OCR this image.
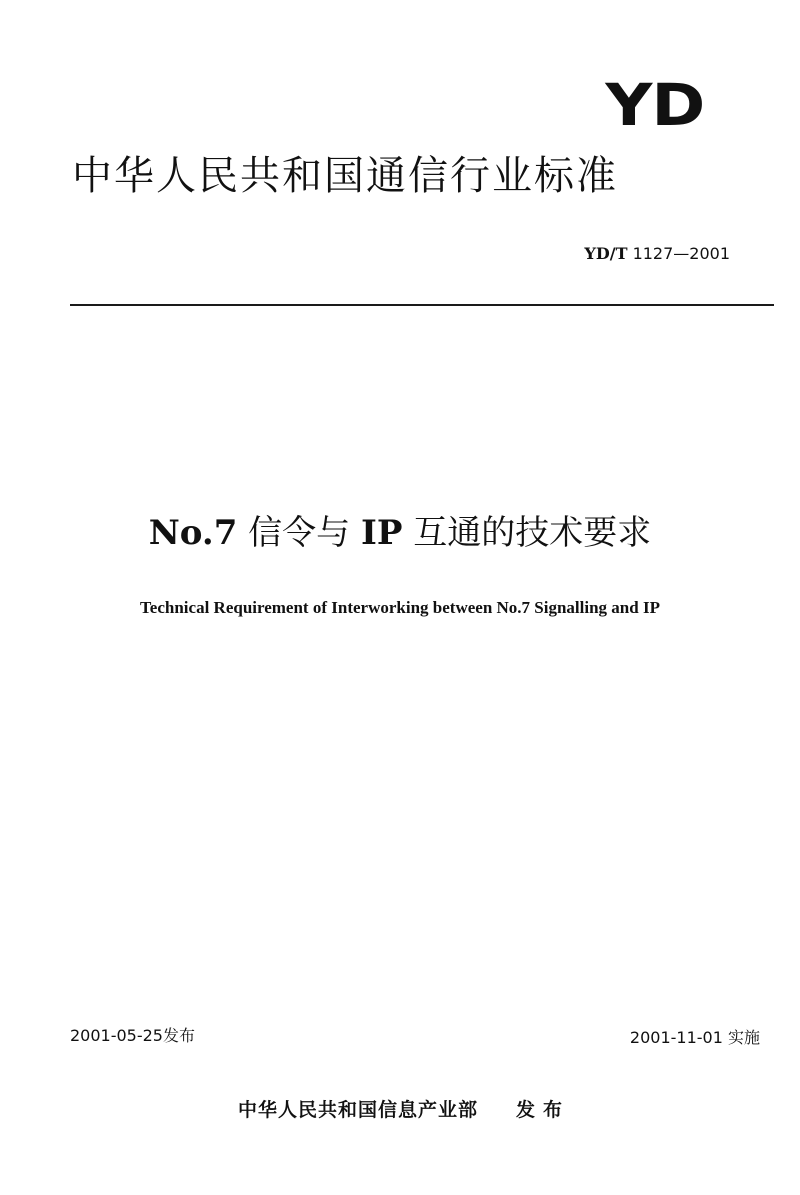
YD
中华人民共和国通信行业标准
YD/T 1127—2001
No.7 信令与 IP 互通的技术要求
Technical Requirement of Interworking between No.7 Signalling and IP
2001-05-25发布	2001-11-01 实施
中华人民共和国信息产业部 发布
